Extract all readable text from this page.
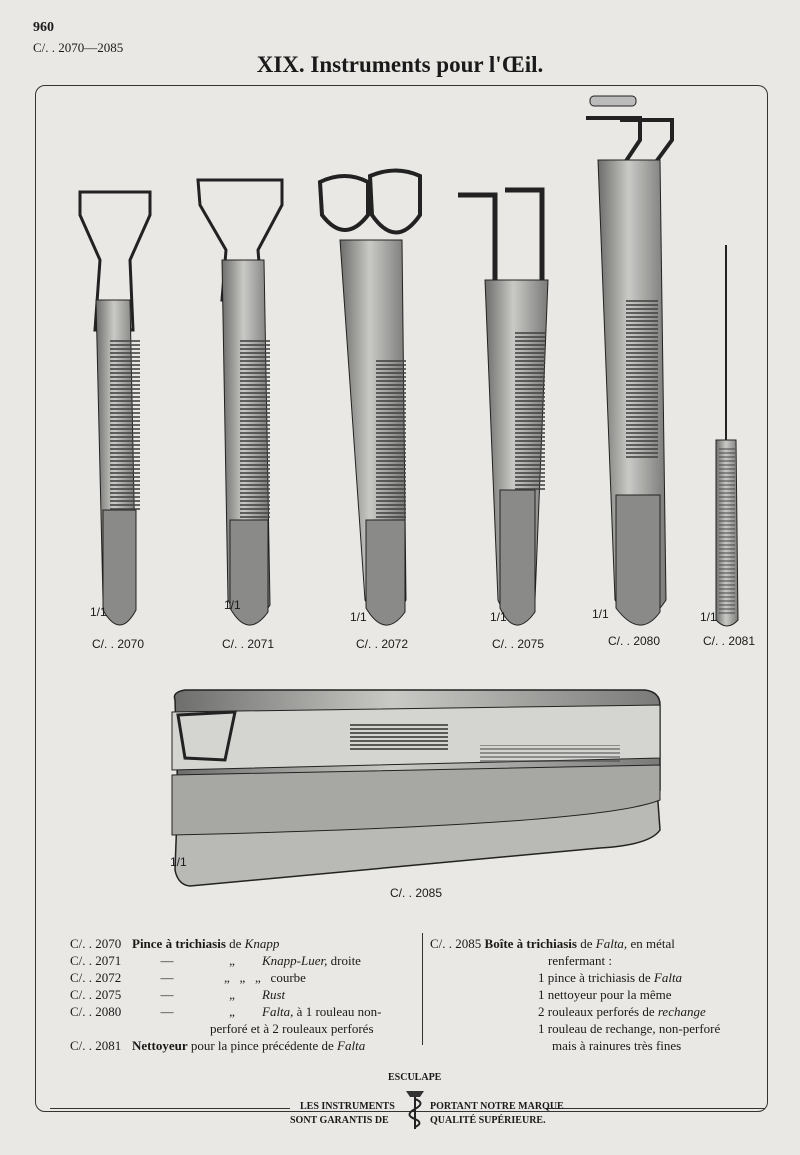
960
C/. . 2070—2085
XIX. Instruments pour l'Œil.
C/. . 2070	C/. . 2071	C/. . 2072	C/. . 2075	C/. . 2080	C/. . 2081
C/. . 2085
1/1	1/1
1/1	1/1	1/1	1/1
1/1
C/. . 2070 Pince à trichiasis
de
Knapp
C/. . 2071	—	„	Knapp-Luer,
droite
C/. . 2072	—	„   „   „   courbe
C/. . 2075	—	„	Rust
C/. . 2080	—	„	Falta,
à 1 rouleau non-
perforé et à 2 rouleaux perforés
C/. . 2081 Nettoyeur
pour la pince précédente de
Falta
C/. . 2085 Boîte à trichiasis de Falta, en métal
renfermant :
1 pince à trichiasis de Falta
1 nettoyeur pour la même
2 rouleaux perforés de rechange
1 rouleau de rechange, non-perforé
mais à rainures très fines
ESCULAPE
LES INSTRUMENTS	PORTANT NOTRE MARQUE
SONT GARANTIS DE	QUALITÉ SUPÉRIEURE.
